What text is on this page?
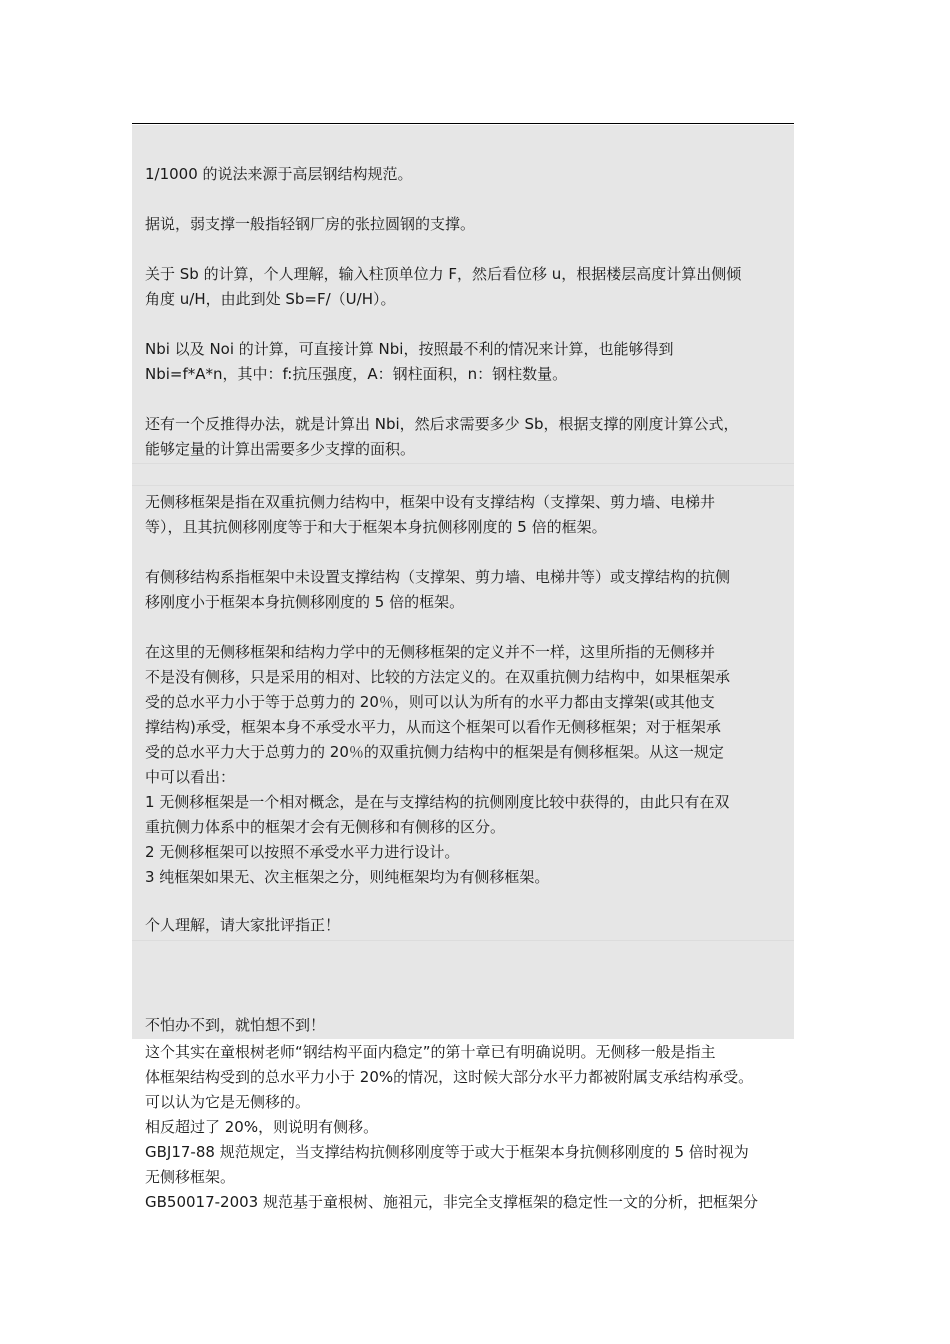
1/1000 的说法来源于高层钢结构规范。

据说，弱支撑一般指轻钢厂房的张拉圆钢的支撑。

关于 Sb 的计算，个人理解，输入柱顶单位力 F，然后看位移 u，根据楼层高度计算出侧倾
角度 u/H，由此到处 Sb=F/（U/H）。

Nbi 以及 Noi 的计算，可直接计算 Nbi，按照最不利的情况来计算，也能够得到
Nbi=f*A*n，其中：f:抗压强度，A：钢柱面积，n：钢柱数量。

还有一个反推得办法，就是计算出 Nbi，然后求需要多少 Sb，根据支撑的刚度计算公式，
能够定量的计算出需要多少支撑的面积。

无侧移框架是指在双重抗侧力结构中，框架中设有支撑结构（支撑架、剪力墙、电梯井
等），且其抗侧移刚度等于和大于框架本身抗侧移刚度的 5 倍的框架。

有侧移结构系指框架中未设置支撑结构（支撑架、剪力墙、电梯井等）或支撑结构的抗侧
移刚度小于框架本身抗侧移刚度的 5 倍的框架。

在这里的无侧移框架和结构力学中的无侧移框架的定义并不一样，这里所指的无侧移并
不是没有侧移，只是采用的相对、比较的方法定义的。在双重抗侧力结构中，如果框架承
受的总水平力小于等于总剪力的 20％，则可以认为所有的水平力都由支撑架(或其他支
撑结构)承受，框架本身不承受水平力，从而这个框架可以看作无侧移框架；对于框架承
受的总水平力大于总剪力的 20％的双重抗侧力结构中的框架是有侧移框架。从这一规定
中可以看出：
1 无侧移框架是一个相对概念，是在与支撑结构的抗侧刚度比较中获得的，由此只有在双
重抗侧力体系中的框架才会有无侧移和有侧移的区分。
2 无侧移框架可以按照不承受水平力进行设计。
3 纯框架如果无、次主框架之分，则纯框架均为有侧移框架。

个人理解，请大家批评指正！

不怕办不到，就怕想不到！

这个其实在童根树老师“钢结构平面内稳定”的第十章已有明确说明。无侧移一般是指主
体框架结构受到的总水平力小于 20%的情况，这时候大部分水平力都被附属支承结构承受。
可以认为它是无侧移的。
相反超过了 20%，则说明有侧移。
GBJ17-88 规范规定，当支撑结构抗侧移刚度等于或大于框架本身抗侧移刚度的 5 倍时视为
无侧移框架。
GB50017-2003 规范基于童根树、施祖元，非完全支撑框架的稳定性一文的分析，把框架分
